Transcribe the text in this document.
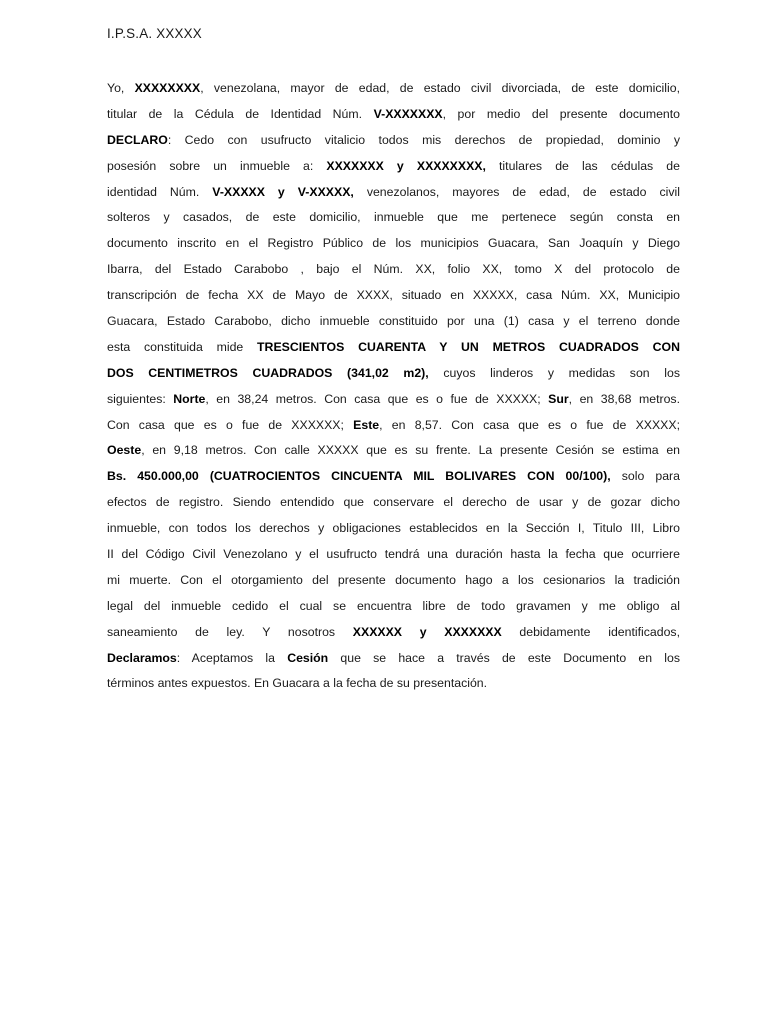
I.P.S.A. XXXXX
Yo, XXXXXXXX, venezolana, mayor de edad, de estado civil divorciada, de este domicilio,
titular de la Cédula de Identidad Núm. V-XXXXXXX, por medio del presente documento
DECLARO: Cedo con usufructo vitalicio todos mis derechos de propiedad, dominio y
posesión sobre un inmueble a: XXXXXXX y XXXXXXXX, titulares de las cédulas de
identidad Núm. V-XXXXX y V-XXXXX, venezolanos, mayores de edad, de estado civil
solteros y casados, de este domicilio, inmueble que me pertenece según consta en
documento inscrito en el Registro Público de los municipios Guacara, San Joaquín y Diego
Ibarra, del Estado Carabobo , bajo el Núm. XX, folio XX, tomo X del protocolo de
transcripción de fecha XX de Mayo de XXXX, situado en XXXXX, casa Núm. XX, Municipio
Guacara, Estado Carabobo, dicho inmueble constituido por una (1) casa y el terreno donde
esta constituida mide TRESCIENTOS CUARENTA Y UN METROS CUADRADOS CON
DOS CENTIMETROS CUADRADOS (341,02 m2), cuyos linderos y medidas son los
siguientes: Norte, en 38,24 metros. Con casa que es o fue de XXXXX; Sur, en 38,68 metros.
Con casa que es o fue de XXXXXX; Este, en 8,57. Con casa que es o fue de XXXXX;
Oeste, en 9,18 metros. Con calle XXXXX que es su frente. La presente Cesión se estima en
Bs. 450.000,00 (CUATROCIENTOS CINCUENTA MIL BOLIVARES CON 00/100), solo para
efectos de registro. Siendo entendido que conservare el derecho de usar y de gozar dicho
inmueble, con todos los derechos y obligaciones establecidos en la Sección I, Titulo III, Libro
II del Código Civil Venezolano y el usufructo tendrá una duración hasta la fecha que ocurriere
mi muerte. Con el otorgamiento del presente documento hago a los cesionarios la tradición
legal del inmueble cedido el cual se encuentra libre de todo gravamen y me obligo al
saneamiento de ley. Y nosotros XXXXXX y XXXXXXX debidamente identificados,
Declaramos: Aceptamos la Cesión que se hace a través de este Documento en los
términos antes expuestos. En Guacara a la fecha de su presentación.
